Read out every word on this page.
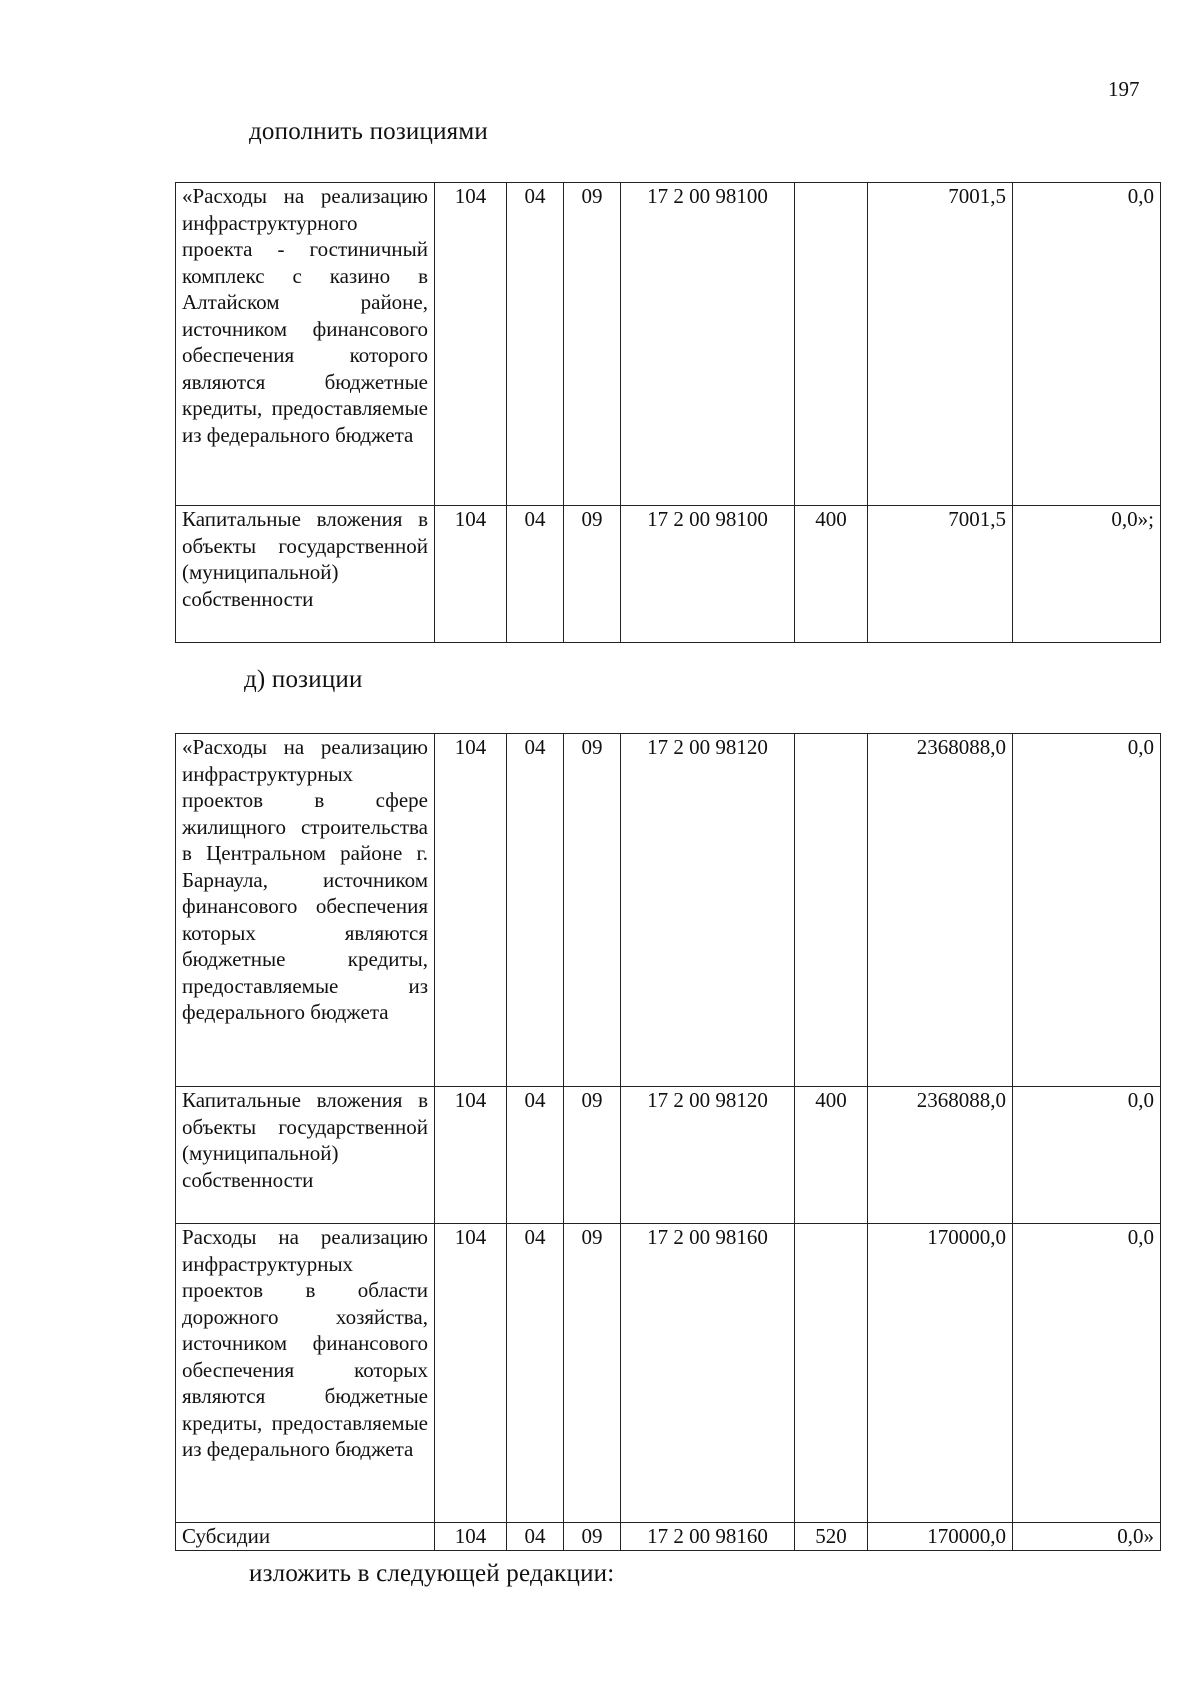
197
дополнить позициями
«Расходы на реализацию инфраструктурного проекта - гостиничный комплекс с казино в Алтайском районе, источником финансового обеспечения которого являются бюджетные кредиты, предоставляемые из федерального бюджета	104	04	09	17 2 00 98100		7001,5	0,0
Капитальные вложения в объекты государственной (муниципальной) собственности	104	04	09	17 2 00 98100	400	7001,5	0,0»;
д) позиции
«Расходы на реализацию инфраструктурных проектов в сфере жилищного строительства в Центральном районе г. Барнаула, источником финансового обеспечения которых являются бюджетные кредиты, предоставляемые из федерального бюджета	104	04	09	17 2 00 98120		2368088,0	0,0
Капитальные вложения в объекты государственной (муниципальной) собственности	104	04	09	17 2 00 98120	400	2368088,0	0,0
Расходы на реализацию инфраструктурных проектов в области дорожного хозяйства, источником финансового обеспечения которых являются бюджетные кредиты, предоставляемые из федерального бюджета	104	04	09	17 2 00 98160		170000,0	0,0
Субсидии	104	04	09	17 2 00 98160	520	170000,0	0,0»
изложить в следующей редакции:
